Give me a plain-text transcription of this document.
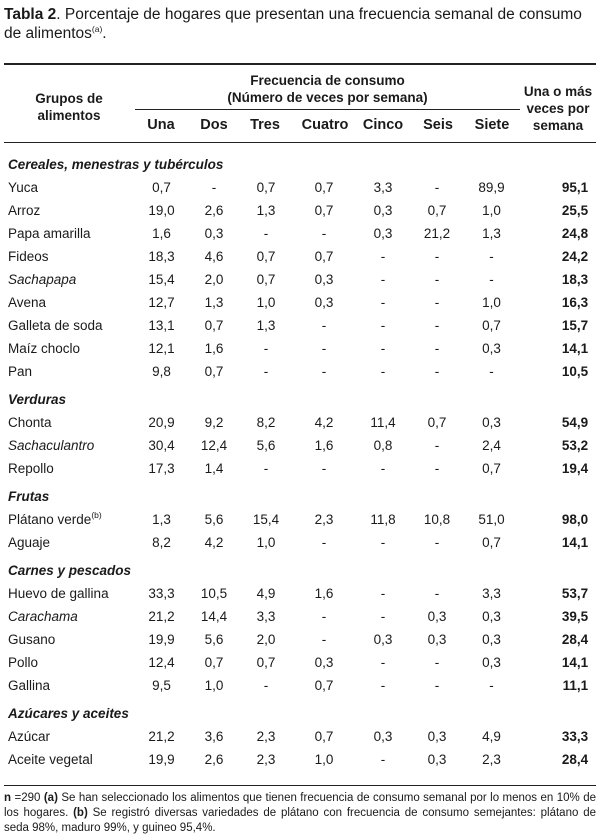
Tabla 2. Porcentaje de hogares que presentan una frecuencia semanal de consumo de alimentos$^{(a)}$.
Grupos de
alimentos
Frecuencia de consumo
(Número de veces por semana)	Una o más
veces por
semana
Una	Dos	Tres	Cuatro	Cinco	Seis	Siete
Cereales, menestras y tubérculos								
Yuca	0,7	-	0,7	0,7	3,3	-	89,9	95,1
Arroz	19,0	2,6	1,3	0,7	0,3	0,7	1,0	25,5
Papa amarilla	1,6	0,3	-	-	0,3	21,2	1,3	24,8
Fideos	18,3	4,6	0,7	0,7	-	-	-	24,2
Sachapapa	15,4	2,0	0,7	0,3	-	-	-	18,3
Avena	12,7	1,3	1,0	0,3	-	-	1,0	16,3
Galleta de soda	13,1	0,7	1,3	-	-	-	0,7	15,7
Maíz choclo	12,1	1,6	-	-	-	-	0,3	14,1
Pan	9,8	0,7	-	-	-	-	-	10,5
Verduras								
Chonta	20,9	9,2	8,2	4,2	11,4	0,7	0,3	54,9
Sachaculantro	30,4	12,4	5,6	1,6	0,8	-	2,4	53,2
Repollo	17,3	1,4	-	-	-	-	0,7	19,4
Frutas								
Plátano verde$^{(b)}$	1,3	5,6	15,4	2,3	11,8	10,8	51,0	98,0
Aguaje	8,2	4,2	1,0	-	-	-	0,7	14,1
Carnes y pescados								
Huevo de gallina	33,3	10,5	4,9	1,6	-	-	3,3	53,7
Carachama	21,2	14,4	3,3	-	-	0,3	0,3	39,5
Gusano	19,9	5,6	2,0	-	0,3	0,3	0,3	28,4
Pollo	12,4	0,7	0,7	0,3	-	-	0,3	14,1
Gallina	9,5	1,0	-	0,7	-	-	-	11,1
Azúcares y aceites								
Azúcar	21,2	3,6	2,3	0,7	0,3	0,3	4,9	33,3
Aceite vegetal	19,9	2,6	2,3	1,0	-	0,3	2,3	28,4
n =290 (a) Se han seleccionado los alimentos que tienen frecuencia de consumo semanal por lo menos en 10% de los hogares. (b) Se registró diversas variedades de plátano con frecuencia de consumo semejantes: plátano de seda 98%, maduro 99%, y guineo 95,4%.
